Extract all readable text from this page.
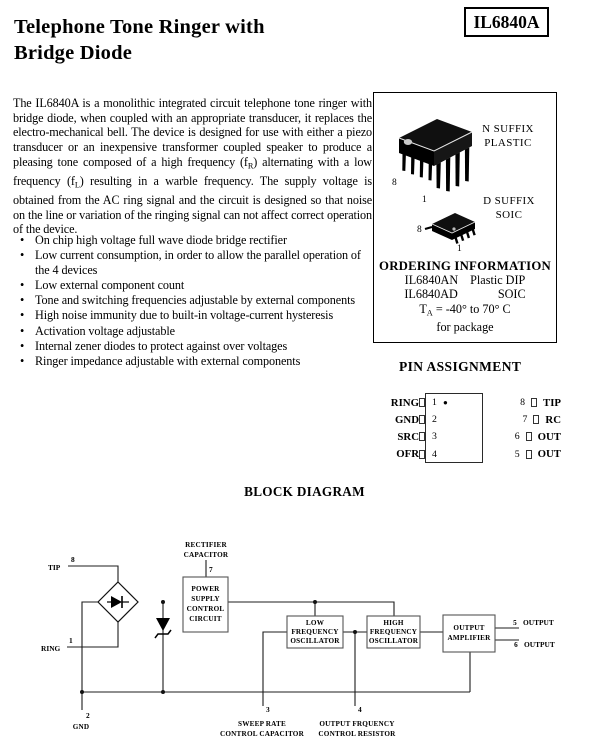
Telephone Tone Ringer with
Bridge Diode
IL6840A

The IL6840A is a monolithic integrated circuit telephone tone ringer with bridge diode, when coupled with an appropriate transducer, it replaces the electro-mechanical bell. The device is designed for use with either a piezo transducer or an inexpensive transformer coupled speaker to produce a pleasing tone composed of a high frequency $(f_R)$ alternating with a low frequency $(f_L)$ resulting in a warble frequency. The supply voltage is obtained from the AC ring signal and the circuit is designed so that noise on the line or variation of the ringing signal can not affect correct operation of the device.

• On chip high voltage full wave diode bridge rectifier
• Low current consumption, in order to allow the parallel operation of the 4 devices
• Low external component count
• Tone and switching frequencies adjustable by external components
• High noise immunity due to built-in voltage-current hysteresis
• Activation voltage adjustable
• Internal zener diodes to protect against over voltages
• Ringer impedance adjustable with external components
8
1
N SUFFIX
PLASTIC
8
1
D SUFFIX
SOIC
ORDERING INFORMATION
IL6840AN Plastic DIP
IL6840AD	SOIC
$T_A = -40^\circ$ to 70° C
for package
PIN ASSIGNMENT
RING 1 ●	8	TIP
GND 2	7	RC
SRC 3	6	OUT
OFR 4	5	OUT
BLOCK DIAGRAM
POWER
SUPPLY
CONTROL
CIRCUIT	LOW
FREQUENCY
OSCILLATOR
HIGH
FREQUENCY
OSCILLATOR
OUTPUT
AMPLIFIER
RECTIFIER
CAPACITOR
7
8
TIP
1
RING
2
GND
3
SWEEP RATE
CONTROL CAPACITOR
4
OUTPUT FRQUENCY
CONTROL RESISTOR
5 OUTPUT
6 OUTPUT
